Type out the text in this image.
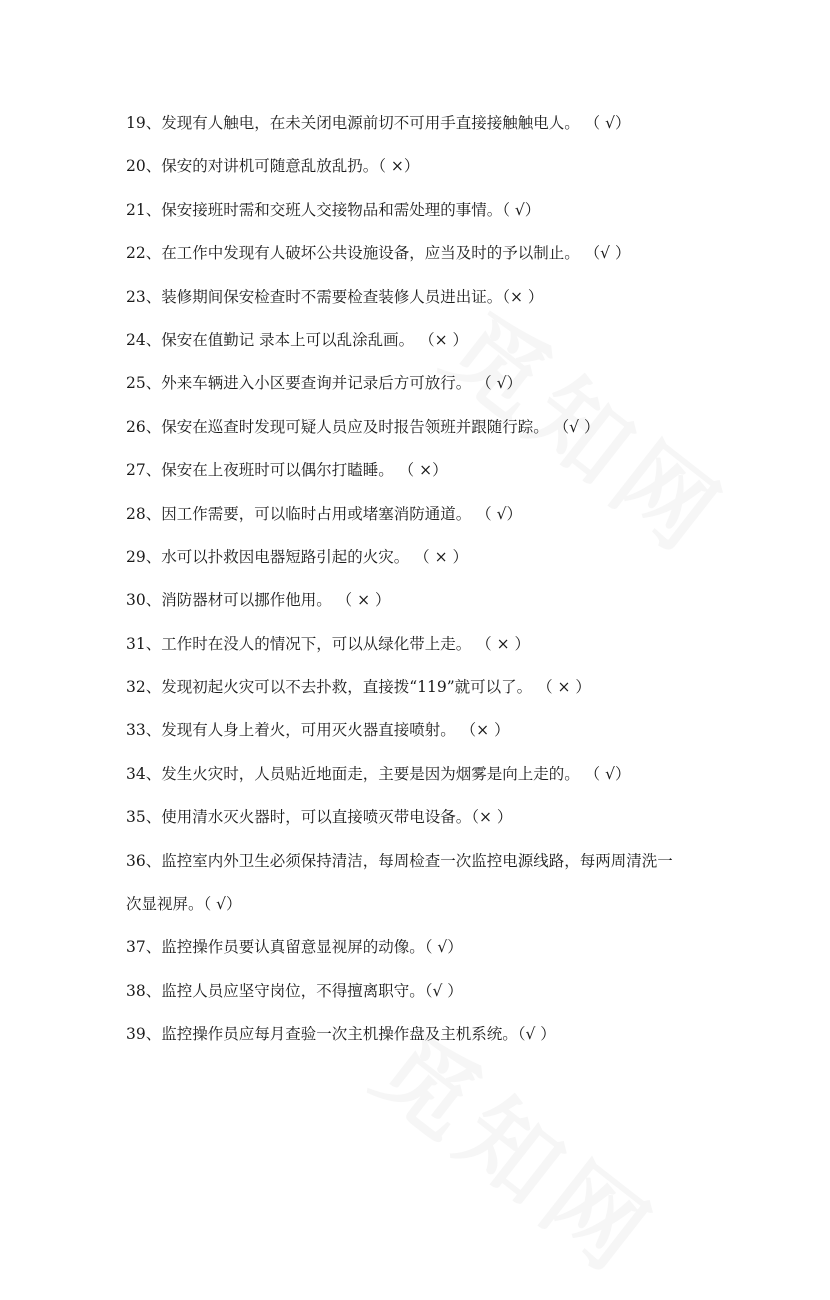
19、发现有人触电，在未关闭电源前切不可用手直接接触触电人。 （ √）
20、保安的对讲机可随意乱放乱扔。（ ×）
21、保安接班时需和交班人交接物品和需处理的事情。（ √）
22、在工作中发现有人破坏公共设施设备，应当及时的予以制止。 （√ ）
23、装修期间保安检查时不需要检查装修人员进出证。（× ）
24、保安在值勤记 录本上可以乱涂乱画。 （× ）
25、外来车辆进入小区要查询并记录后方可放行。 （ √）
26、保安在巡查时发现可疑人员应及时报告领班并跟随行踪。 （√ ）
27、保安在上夜班时可以偶尔打瞌睡。 （ ×）
28、因工作需要，可以临时占用或堵塞消防通道。 （ √）
29、水可以扑救因电器短路引起的火灾。 （ × ）
30、消防器材可以挪作他用。 （ × ）
31、工作时在没人的情况下，可以从绿化带上走。 （ × ）
32、发现初起火灾可以不去扑救，直接拨“119”就可以了。 （ × ）
33、发现有人身上着火，可用灭火器直接喷射。 （× ）
34、发生火灾时，人员贴近地面走，主要是因为烟雾是向上走的。 （ √）
35、使用清水灭火器时，可以直接喷灭带电设备。（× ）
36、监控室内外卫生必须保持清洁，每周检查一次监控电源线路，每两周清洗一
次显视屏。（ √）
37、监控操作员要认真留意显视屏的动像。（ √）
38、监控人员应坚守岗位，不得擅离职守。（√ ）
39、监控操作员应每月查验一次主机操作盘及主机系统。（√ ）
